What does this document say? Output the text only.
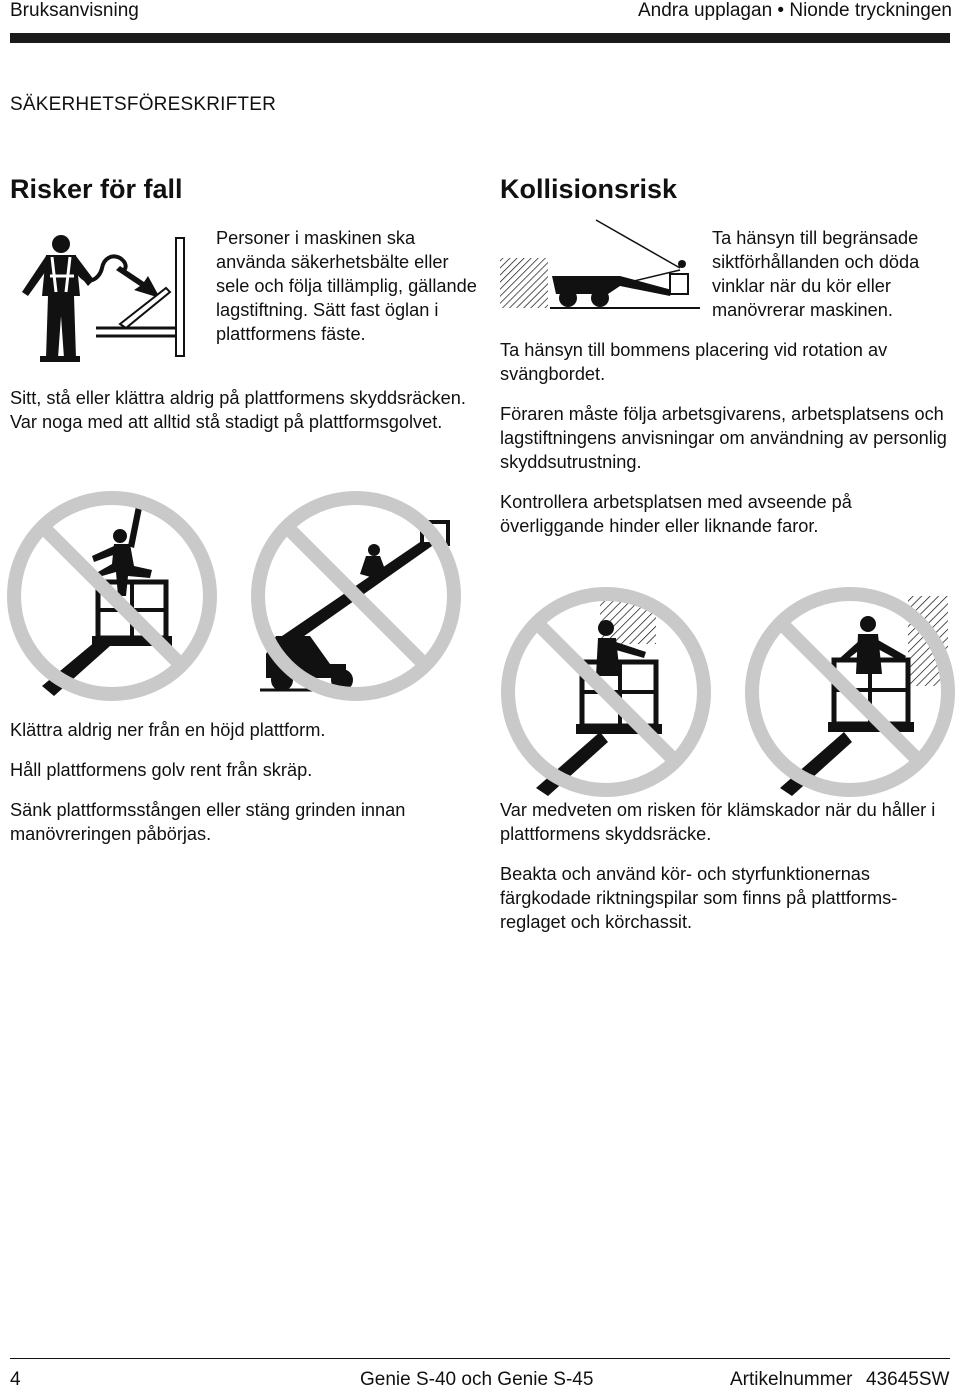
Bruksanvisning	Andra upplagan • Nionde tryckningen
SÄKERHETSFÖRESKRIFTER
Risker för fall

Personer i maskinen ska använda säkerhetsbälte eller sele och följa tillämplig, gällande lagstiftning. Sätt fast öglan i plattformens fäste.

Sitt, stå eller klättra aldrig på plattformens skyddsräcken. Var noga med att alltid stå stadigt på plattformsgolvet.

Klättra aldrig ner från en höjd plattform.
Håll plattformens golv rent från skräp.

Sänk plattformsstången eller stäng grinden innan manövreringen påbörjas.

Kollisionsrisk

Ta hänsyn till begränsade siktförhållanden och döda vinklar när du kör eller manövrerar maskinen.

Ta hänsyn till bommens placering vid rotation av svängbordet.

Föraren måste följa arbetsgivarens, arbetsplatsens och lagstiftningens anvisningar om användning av personlig skyddsutrustning.

Kontrollera arbetsplatsen med avseende på överliggande hinder eller liknande faror.

Var medveten om risken för klämskador när du håller i plattformens skyddsräcke.

Beakta och använd kör- och styrfunktionernas färgkodade riktningspilar som finns på plattforms-reglaget och körchassit.

4	Genie S-40 och Genie S-45	Artikelnummer 43645SW
